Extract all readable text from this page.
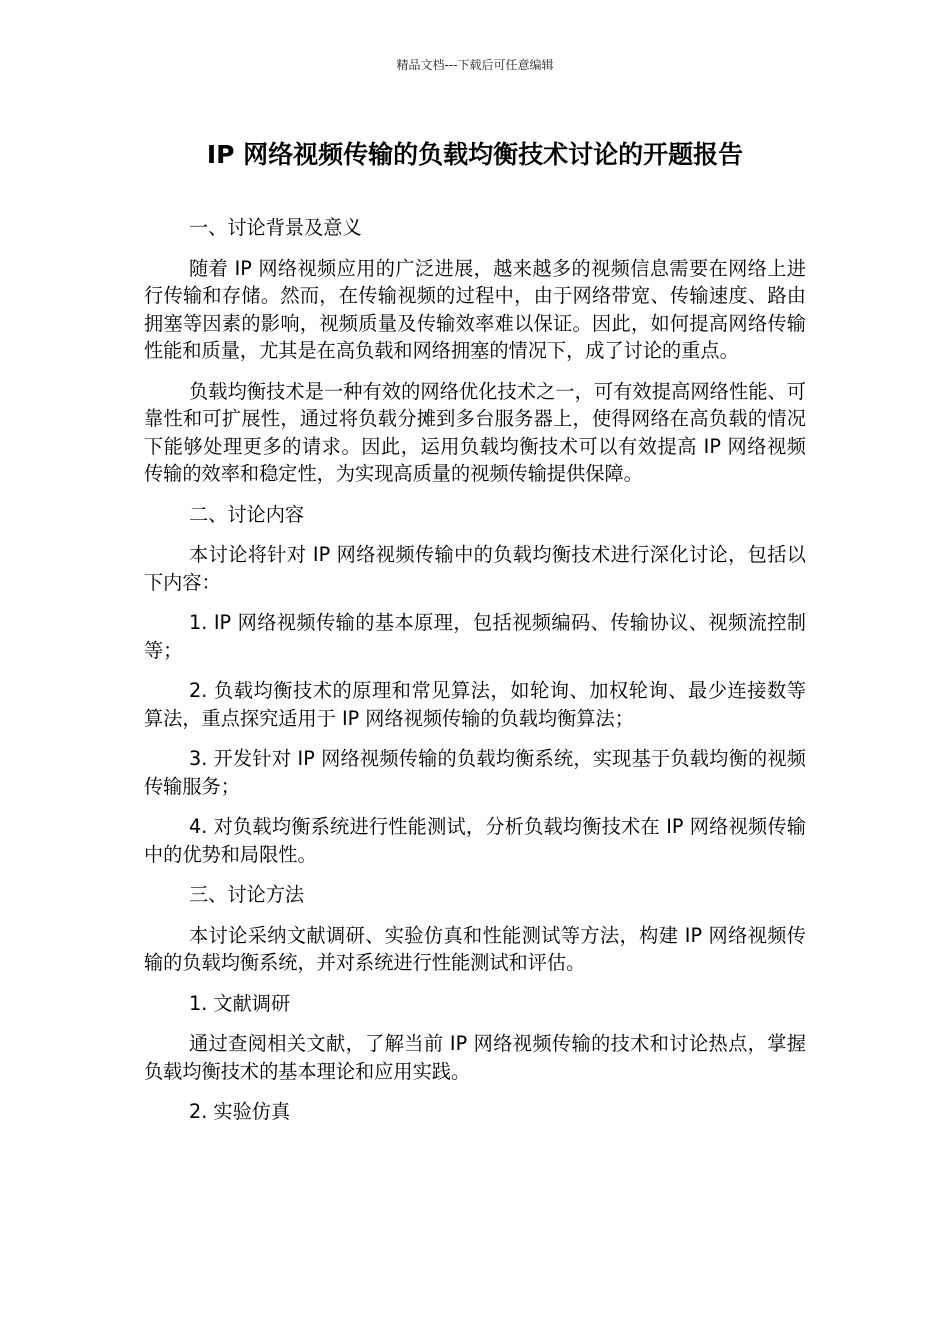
精品文档---下载后可任意编辑
IP 网络视频传输的负载均衡技术讨论的开题报告

一、讨论背景及意义

随着 IP 网络视频应用的广泛进展，越来越多的视频信息需要在网络上进行传输和存储。然而，在传输视频的过程中，由于网络带宽、传输速度、路由拥塞等因素的影响，视频质量及传输效率难以保证。因此，如何提高网络传输性能和质量，尤其是在高负载和网络拥塞的情况下，成了讨论的重点。

负载均衡技术是一种有效的网络优化技术之一，可有效提高网络性能、可靠性和可扩展性，通过将负载分摊到多台服务器上，使得网络在高负载的情况下能够处理更多的请求。因此，运用负载均衡技术可以有效提高 IP 网络视频传输的效率和稳定性，为实现高质量的视频传输提供保障。

二、讨论内容

本讨论将针对 IP 网络视频传输中的负载均衡技术进行深化讨论，包括以下内容：

1. IP 网络视频传输的基本原理，包括视频编码、传输协议、视频流控制等；

2. 负载均衡技术的原理和常见算法，如轮询、加权轮询、最少连接数等算法，重点探究适用于 IP 网络视频传输的负载均衡算法；

3. 开发针对 IP 网络视频传输的负载均衡系统，实现基于负载均衡的视频传输服务；

4. 对负载均衡系统进行性能测试，分析负载均衡技术在 IP 网络视频传输中的优势和局限性。

三、讨论方法

本讨论采纳文献调研、实验仿真和性能测试等方法，构建 IP 网络视频传输的负载均衡系统，并对系统进行性能测试和评估。

1. 文献调研

通过查阅相关文献，了解当前 IP 网络视频传输的技术和讨论热点，掌握负载均衡技术的基本理论和应用实践。

2. 实验仿真
